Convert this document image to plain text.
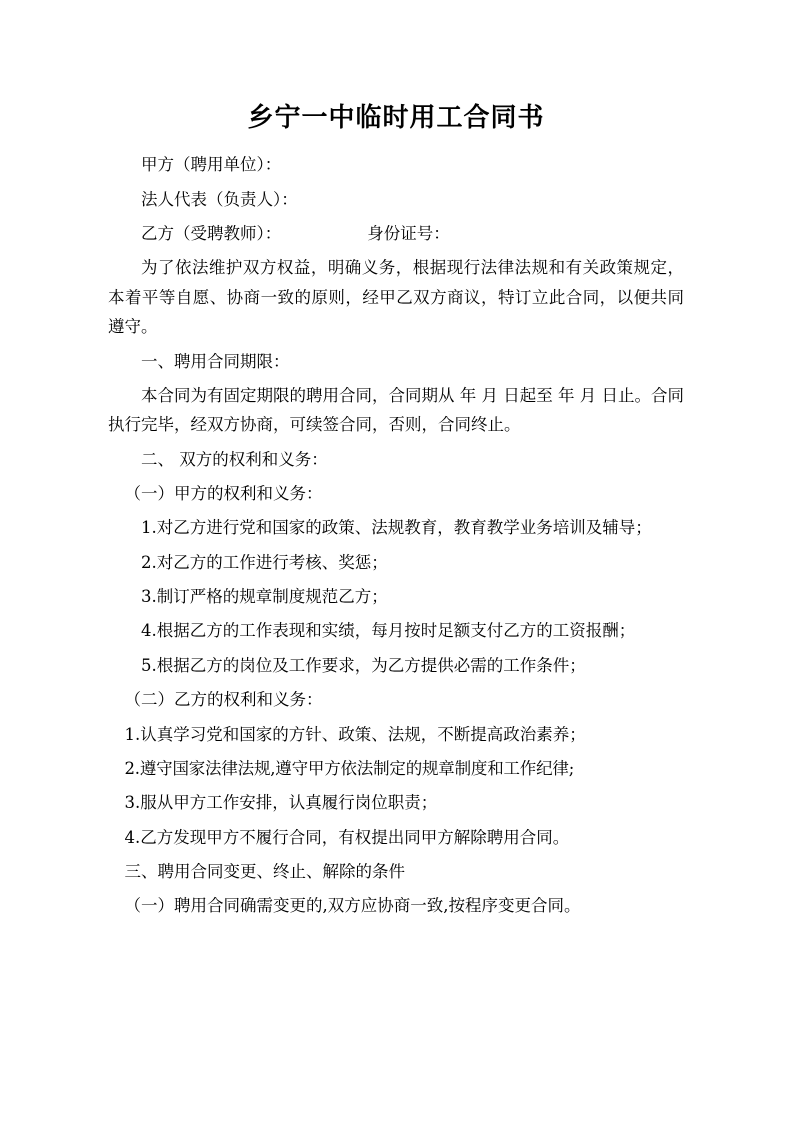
乡宁一中临时用工合同书

甲方（聘用单位）：

法人代表（负责人）：

乙方（受聘教师）：	身份证号：

为了依法维护双方权益，明确义务，根据现行法律法规和有关政策规定，本着平等自愿、协商一致的原则，经甲乙双方商议，特订立此合同，以便共同遵守。

一、聘用合同期限：

本合同为有固定期限的聘用合同，合同期从 年 月 日起至 年 月 日止。合同执行完毕，经双方协商，可续签合同，否则，合同终止。

二、 双方的权利和义务：

（一）甲方的权利和义务：

1.对乙方进行党和国家的政策、法规教育，教育教学业务培训及辅导；

2.对乙方的工作进行考核、奖惩；

3.制订严格的规章制度规范乙方；

4.根据乙方的工作表现和实绩，每月按时足额支付乙方的工资报酬；

5.根据乙方的岗位及工作要求，为乙方提供必需的工作条件；

（二）乙方的权利和义务：

1.认真学习党和国家的方针、政策、法规，不断提高政治素养；

2.遵守国家法律法规,遵守甲方依法制定的规章制度和工作纪律;

3.服从甲方工作安排，认真履行岗位职责；

4.乙方发现甲方不履行合同，有权提出同甲方解除聘用合同。

三、聘用合同变更、终止、解除的条件

（一）聘用合同确需变更的,双方应协商一致,按程序变更合同。
